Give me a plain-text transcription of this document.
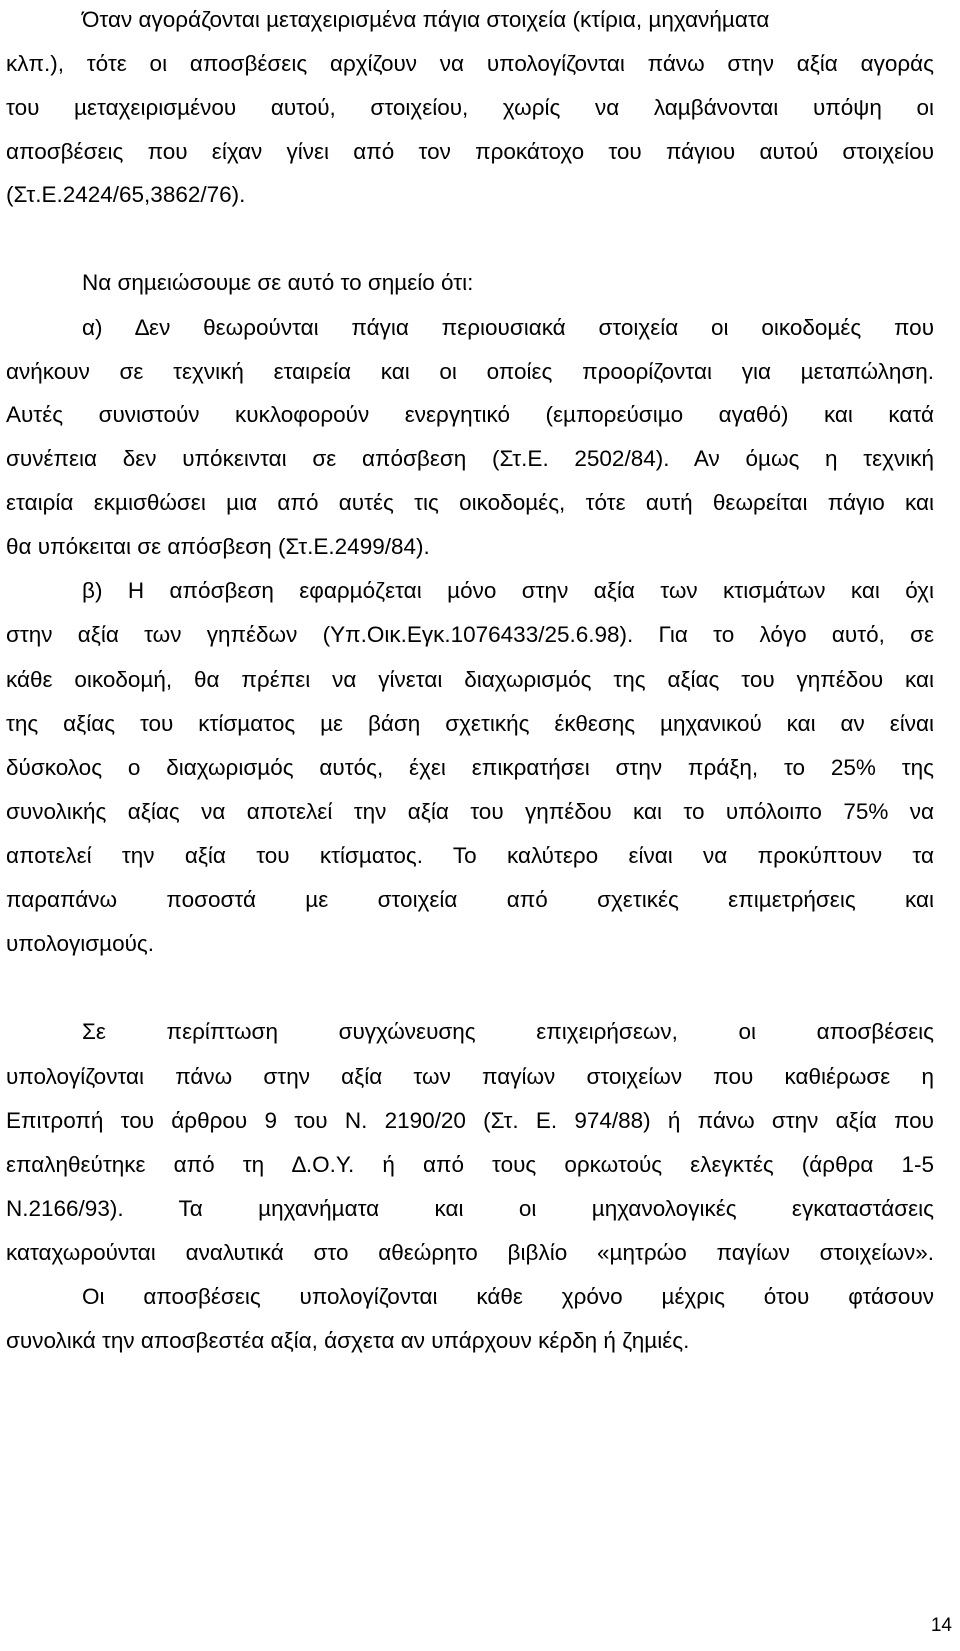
Όταν αγοράζονται µεταχειρισµένα πάγια στοιχεία (κτίρια, µηχανήµατα
κλπ.), τότε οι αποσβέσεις αρχίζουν να υπολογίζονται πάνω στην αξία αγοράς
του µεταχειρισµένου αυτού, στοιχείου, χωρίς να λαµβάνονται υπόψη οι
αποσβέσεις που είχαν γίνει από τον προκάτοχο του πάγιου αυτού στοιχείου
(Στ.Ε.2424/65,3862/76).
Να σηµειώσουµε σε αυτό το σηµείο ότι:
α) ∆εν θεωρούνται πάγια περιουσιακά στοιχεία οι οικοδοµές που
ανήκουν σε τεχνική εταιρεία και οι οποίες προορίζονται για µεταπώληση.
Αυτές συνιστούν κυκλοφορούν ενεργητικό (εµπορεύσιµο αγαθό) και κατά
συνέπεια δεν υπόκεινται σε απόσβεση (Στ.Ε. 2502/84). Αν όµως η τεχνική
εταιρία εκµισθώσει µια από αυτές τις οικοδοµές, τότε αυτή θεωρείται πάγιο και
θα υπόκειται σε απόσβεση (Στ.Ε.2499/84).
β) Η απόσβεση εφαρµόζεται µόνο στην αξία των κτισµάτων και όχι
στην αξία των γηπέδων (Υπ.Οικ.Εγκ.1076433/25.6.98). Για το λόγο αυτό, σε
κάθε οικοδοµή, θα πρέπει να γίνεται διαχωρισµός της αξίας του γηπέδου και
της αξίας του κτίσµατος µε βάση σχετικής έκθεσης µηχανικού και αν είναι
δύσκολος ο διαχωρισµός αυτός, έχει επικρατήσει στην πράξη, το 25% της
συνολικής αξίας να αποτελεί την αξία του γηπέδου και το υπόλοιπο 75% να
αποτελεί την αξία του κτίσµατος. Το καλύτερο είναι να προκύπτουν τα
παραπάνω ποσοστά µε στοιχεία από σχετικές επιµετρήσεις και
υπολογισµούς.
Σε περίπτωση συγχώνευσης επιχειρήσεων, οι αποσβέσεις
υπολογίζονται πάνω στην αξία των παγίων στοιχείων που καθιέρωσε η
Επιτροπή του άρθρου 9 του Ν. 2190/20 (Στ. Ε. 974/88) ή πάνω στην αξία που
επαληθεύτηκε από τη ∆.Ο.Υ. ή από τους ορκωτούς ελεγκτές (άρθρα 1-5
Ν.2166/93). Τα µηχανήµατα και οι µηχανολογικές εγκαταστάσεις
καταχωρούνται αναλυτικά στο αθεώρητο βιβλίο «µητρώο παγίων στοιχείων».
Οι αποσβέσεις υπολογίζονται κάθε χρόνο µέχρις ότου φτάσουν
συνολικά την αποσβεστέα αξία, άσχετα αν υπάρχουν κέρδη ή ζηµιές.
14
